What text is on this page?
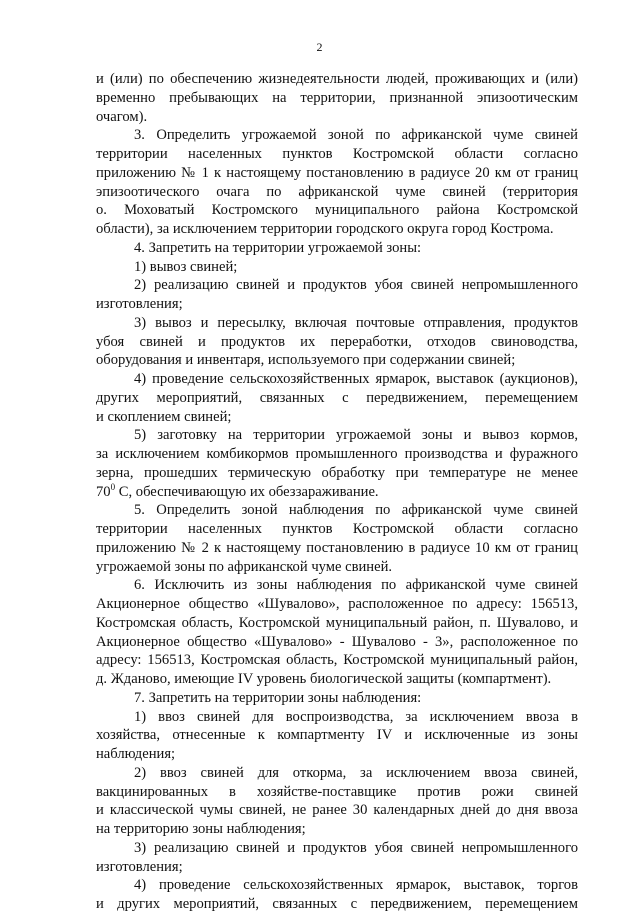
2
и (или) по обеспечению жизнедеятельности людей, проживающих и (или)
временно пребывающих на территории, признанной эпизоотическим
очагом).
3. Определить угрожаемой зоной по африканской чуме свиней
территории населенных пунктов Костромской области согласно
приложению № 1 к настоящему постановлению в радиусе 20 км от границ
эпизоотического очага по африканской чуме свиней (территория
о. Моховатый Костромского муниципального района Костромской
области), за исключением территории городского округа город Кострома.
4. Запретить на территории угрожаемой зоны:
1) вывоз свиней;
2) реализацию свиней и продуктов убоя свиней непромышленного
изготовления;
3) вывоз и пересылку, включая почтовые отправления, продуктов
убоя свиней и продуктов их переработки, отходов свиноводства,
оборудования и инвентаря, используемого при содержании свиней;
4) проведение сельскохозяйственных ярмарок, выставок (аукционов),
других мероприятий, связанных с передвижением, перемещением
и скоплением свиней;
5) заготовку на территории угрожаемой зоны и вывоз кормов,
за исключением комбикормов промышленного производства и фуражного
зерна, прошедших термическую обработку при температуре не менее
$70^0$ С, обеспечивающую их обеззараживание.
5. Определить зоной наблюдения по африканской чуме свиней
территории населенных пунктов Костромской области согласно
приложению № 2 к настоящему постановлению в радиусе 10 км от границ
угрожаемой зоны по африканской чуме свиней.
6. Исключить из зоны наблюдения по африканской чуме свиней
Акционерное общество «Шувалово», расположенное по адресу: 156513,
Костромская область, Костромской муниципальный район, п. Шувалово, и
Акционерное общество «Шувалово» - Шувалово - 3», расположенное по
адресу: 156513, Костромская область, Костромской муниципальный район,
д. Ждановo, имеющие IV уровень биологической защиты (компартмент).
7. Запретить на территории зоны наблюдения:
1) ввоз свиней для воспроизводства, за исключением ввоза в
хозяйства, отнесенные к компартменту IV и исключенные из зоны
наблюдения;
2) ввоз свиней для откорма, за исключением ввоза свиней,
вакцинированных в хозяйстве-поставщике против рожи свиней
и классической чумы свиней, не ранее 30 календарных дней до дня ввоза
на территорию зоны наблюдения;
3) реализацию свиней и продуктов убоя свиней непромышленного
изготовления;
4) проведение сельскохозяйственных ярмарок, выставок, торгов
и других мероприятий, связанных с передвижением, перемещением
